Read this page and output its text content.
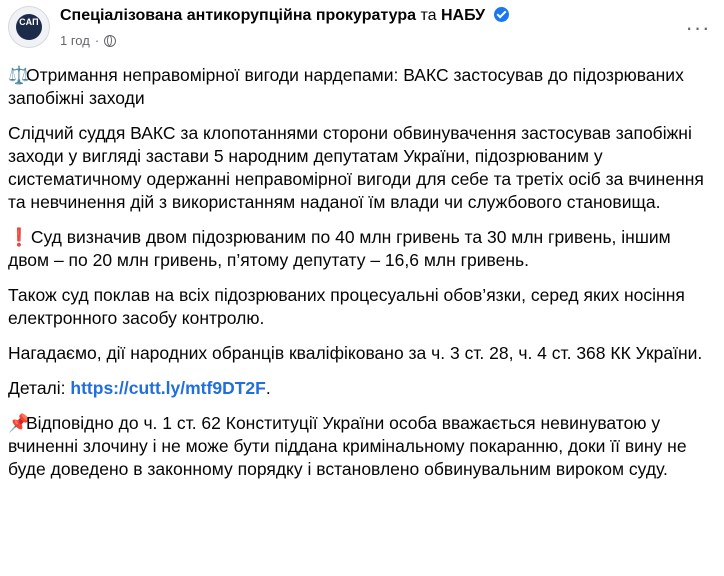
САП	Спеціалізована антикорупційна прокуратура та НАБУ
1 год ·
···

⚖️Отримання неправомірної вигоди нардепами: ВАКС застосував до підозрюваних запобіжні заходи

Слідчий суддя ВАКС за клопотаннями сторони обвинувачення застосував запобіжні заходи у вигляді застави 5 народним депутатам України, підозрюваним у систематичному одержанні неправомірної вигоди для себе та третіх осіб за вчинення та невчинення дій з використанням наданої їм влади чи службового становища.

❗ Суд визначив двом підозрюваним по 40 млн гривень та 30 млн гривень, іншим двом – по 20 млн гривень, п’ятому депутату – 16,6 млн гривень.

Також суд поклав на всіх підозрюваних процесуальні обов’язки, серед яких носіння електронного засобу контролю.

Нагадаємо, дії народних обранців кваліфіковано за ч. 3 ст. 28, ч. 4 ст. 368 КК України.

Деталі: https://cutt.ly/mtf9DT2F.

📌Відповідно до ч. 1 ст. 62 Конституції України особа вважається невинуватою у вчиненні злочину і не може бути піддана кримінальному покаранню, доки її вину не буде доведено в законному порядку і встановлено обвинувальним вироком суду.
